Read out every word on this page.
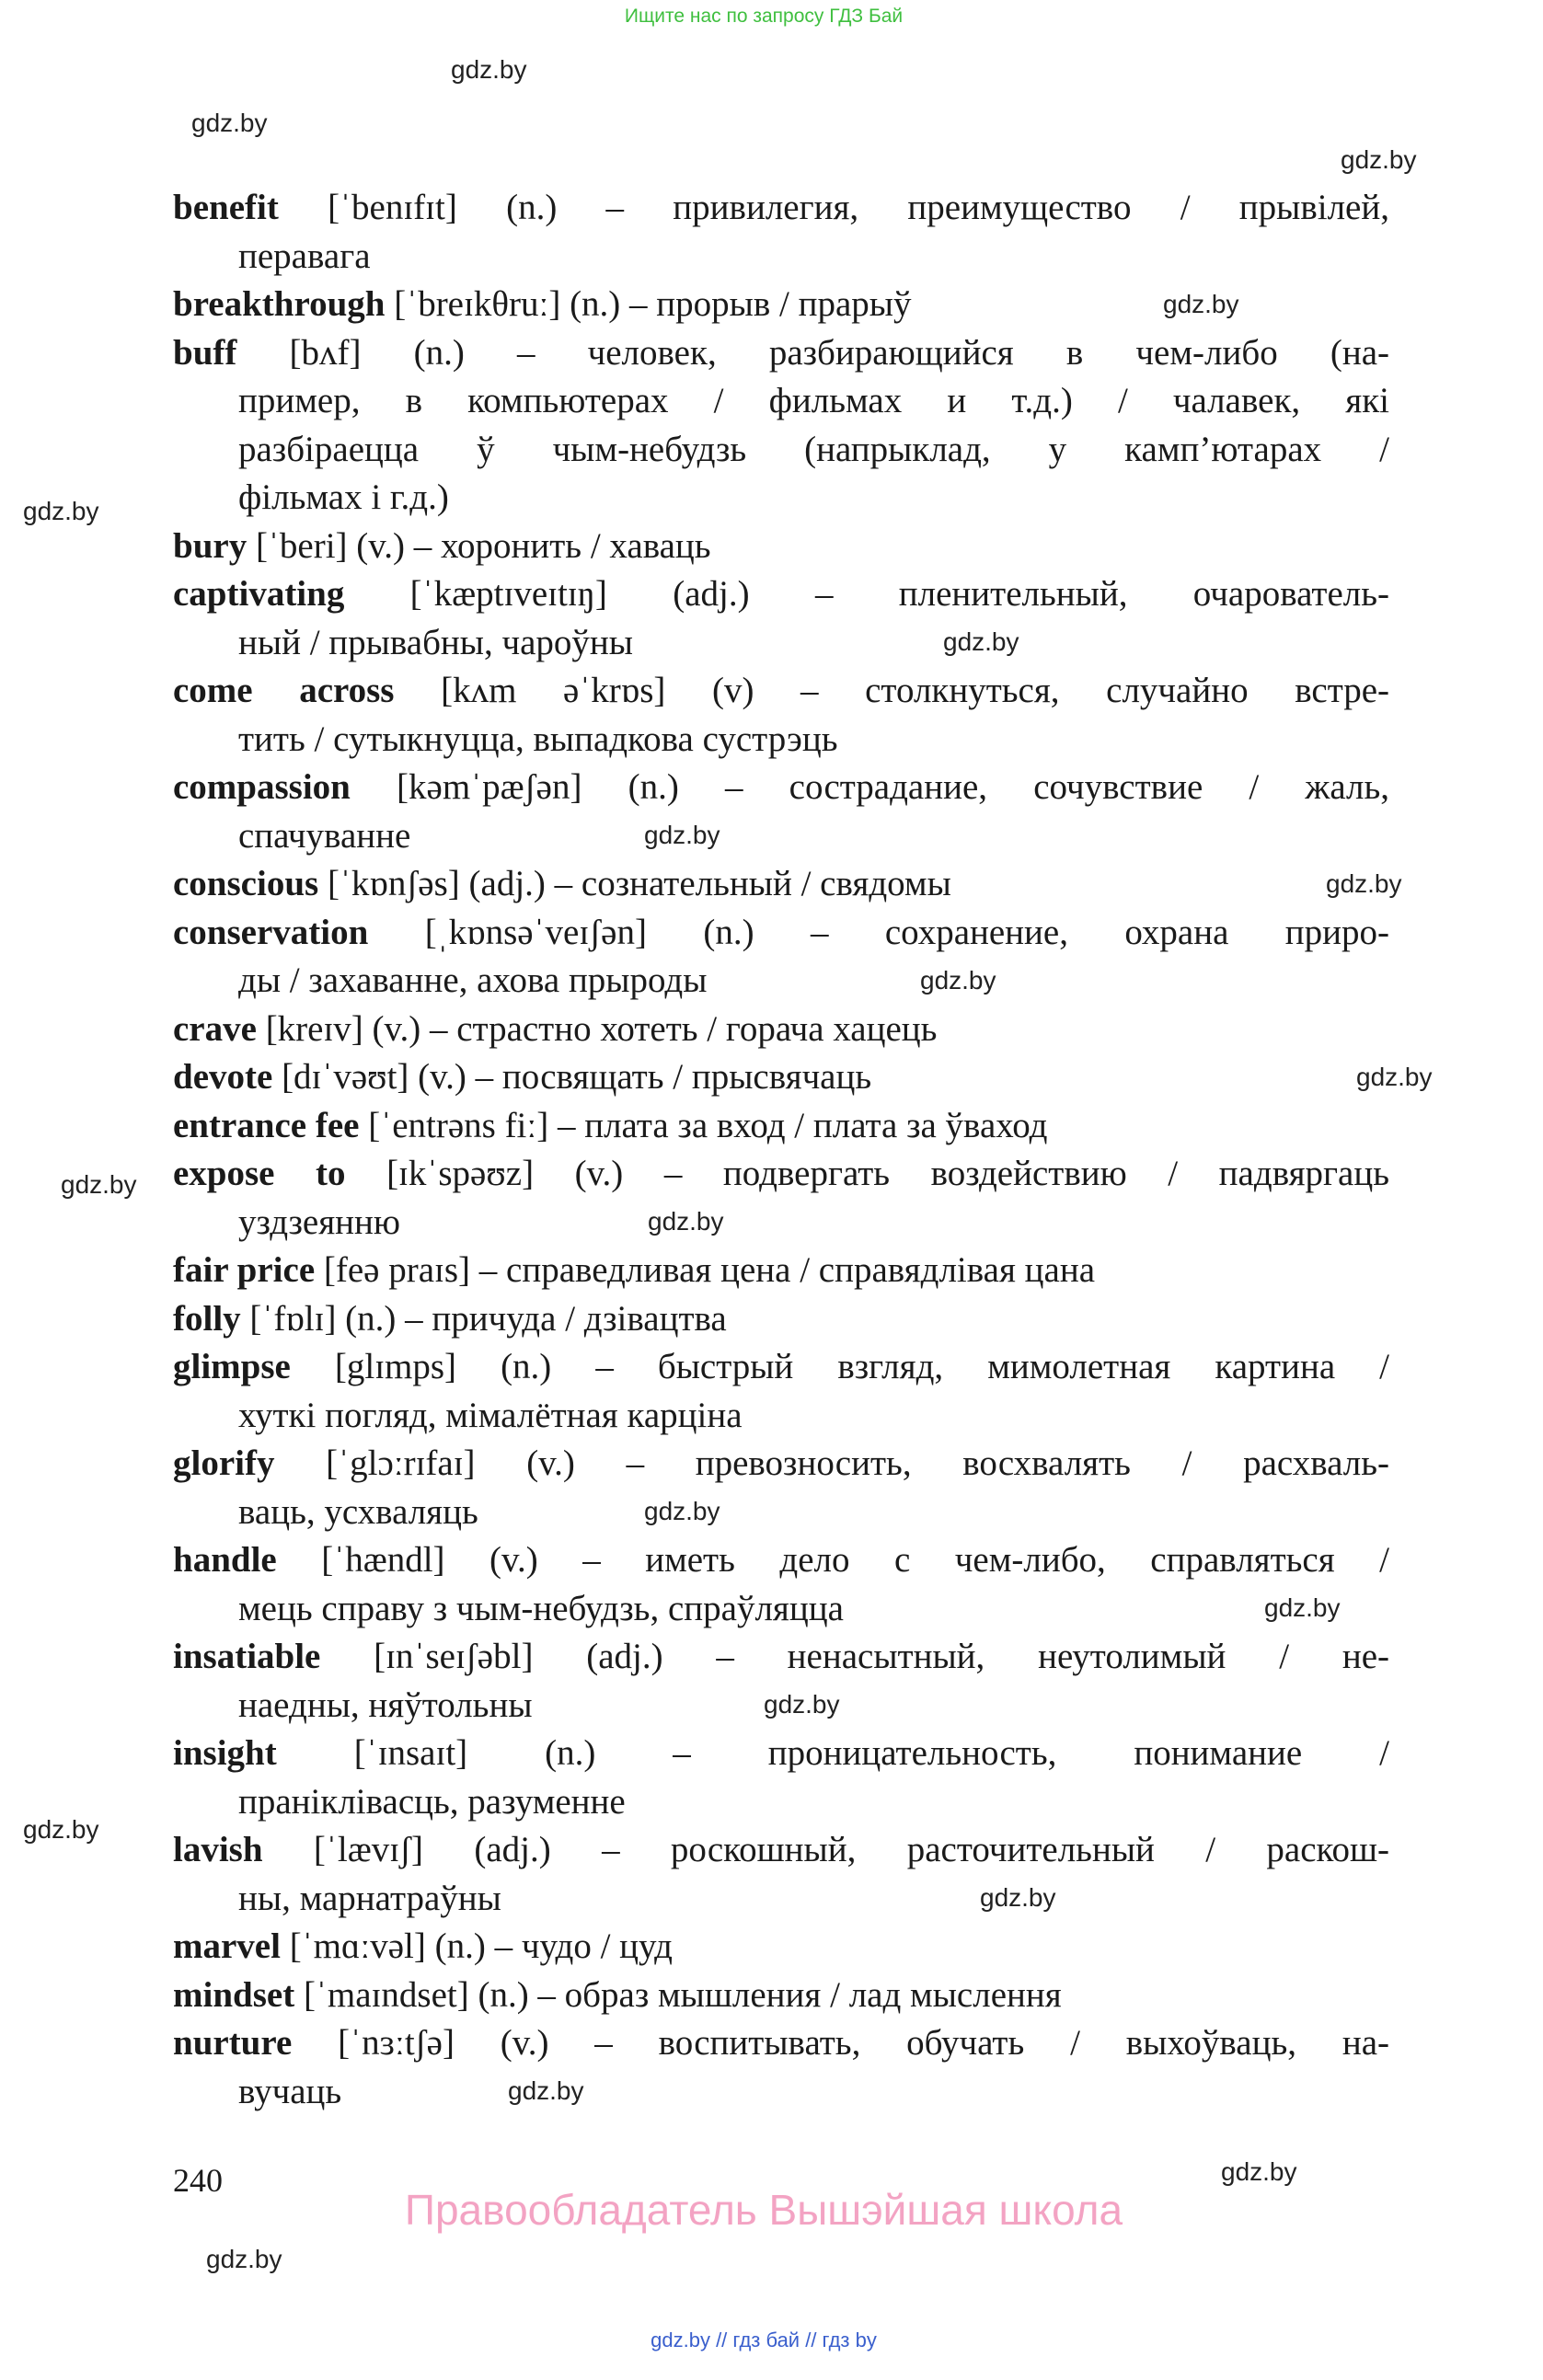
Ищите нас по запросу ГДЗ Бай
benefit [ˈbenɪfɪt] (n.) – привилегия, преимущество / прывілей,
перавага
breakthrough [ˈbreɪkθruː] (n.) – прорыв / прарыў
buff [bʌf] (n.) – человек, разбирающийся в чем-либо (на-
пример, в компьютерах / фильмах и т.д.) / чалавек, які
разбіраецца ў чым-небудзь (напрыклад, у камп’ютарах /
фільмах і г.д.)
bury [ˈberi] (v.) – хоронить / хаваць
captivating [ˈkæptɪveɪtɪŋ] (adj.) – пленительный, очарователь-
ный / прывабны, чароўны
come across [kʌm əˈkrɒs] (v) – столкнуться, случайно встре-
тить / сутыкнуцца, выпадкова сустрэць
compassion [kəmˈpæʃən] (n.) – сострадание, сочувствие / жаль,
спачуванне
conscious [ˈkɒnʃəs] (adj.) – сознательный / свядомы
conservation [ˌkɒnsəˈveɪʃən] (n.) – сохранение, охрана приро-
ды / захаванне, ахова прыроды
crave [kreɪv] (v.) – страстно хотеть / горача хацець
devote [dɪˈvəʊt] (v.) – посвящать / прысвячаць
entrance fee [ˈentrəns fiː] – плата за вход / плата за ўваход
expose to [ɪkˈspəʊz] (v.) – подвергать воздействию / падвяргаць
уздзеянню
fair price [feə praɪs] – справедливая цена / справядлівая цана
folly [ˈfɒlɪ] (n.) – причуда / дзівацтва
glimpse [glɪmps] (n.) – быстрый взгляд, мимолетная картина /
хуткі погляд, мімалётная карціна
glorify [ˈglɔːrɪfaɪ] (v.) – превозносить, восхвалять / расхваль-
ваць, усхваляць
handle [ˈhændl] (v.) – иметь дело с чем-либо, справляться /
мець справу з чым-небудзь, спраўляцца
insatiable [ɪnˈseɪʃəbl] (adj.) – ненасытный, неутолимый / не-
наедны, няўтольны
insight [ˈɪnsaɪt] (n.) – проницательность, понимание /
праніклівасць, разуменне
lavish [ˈlævɪʃ] (adj.) – роскошный, расточительный / раскош-
ны, марнатраўны
marvel [ˈmɑːvəl] (n.) – чудо / цуд
mindset [ˈmaɪndset] (n.) – образ мышления / лад мыслення
nurture [ˈnɜːtʃə] (v.) – воспитывать, обучать / выхоўваць, на-
вучаць
gdz.by
gdz.by
gdz.by
gdz.by
gdz.by
gdz.by
gdz.by
gdz.by
gdz.by
gdz.by
gdz.by
gdz.by
gdz.by
gdz.by
gdz.by
gdz.by
gdz.by
gdz.by
gdz.by
gdz.by
240
Правообладатель Вышэйшая школа
gdz.by // гдз бай // гдз by
